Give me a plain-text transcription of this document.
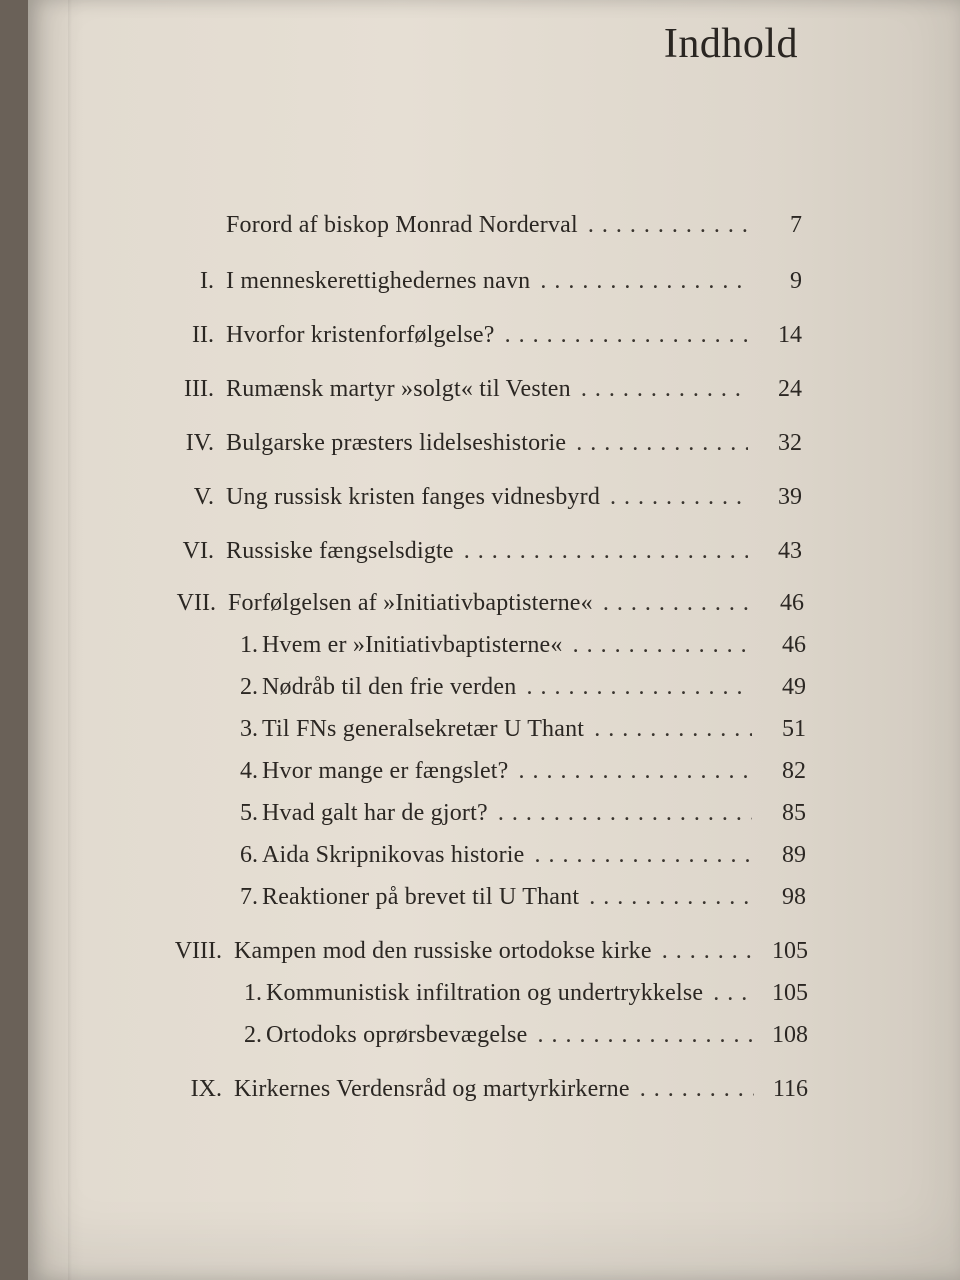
Indhold
Forord af biskop Monrad Norderval . . .	7
I. I menneskerettighedernes navn . . .	9
II. Hvorfor kristenforfølgelse? . . .	14
III. Rumænsk martyr »solgt« til Vesten . . .	24
IV. Bulgarske præsters lidelseshistorie . . .	32
V. Ung russisk kristen fanges vidnesbyrd . . .	39
VI. Russiske fængselsdigte . . .	43
VII. Forfølgelsen af »Initiativbaptisterne« . . .	46
1. Hvem er »Initiativbaptisterne« . . .	46
2. Nødråb til den frie verden . . .	49
3. Til FNs generalsekretær U Thant . . .	51
4. Hvor mange er fængslet? . . .	82
5. Hvad galt har de gjort? . . .	85
6. Aida Skripnikovas historie . . .	89
7. Reaktioner på brevet til U Thant . . .	98
VIII. Kampen mod den russiske ortodokse kirke . . .	105
1. Kommunistisk infiltration og undertrykkelse . . .	105
2. Ortodoks oprørsbevægelse . . .	108
IX. Kirkernes Verdensråd og martyrkirkerne . . .	116
